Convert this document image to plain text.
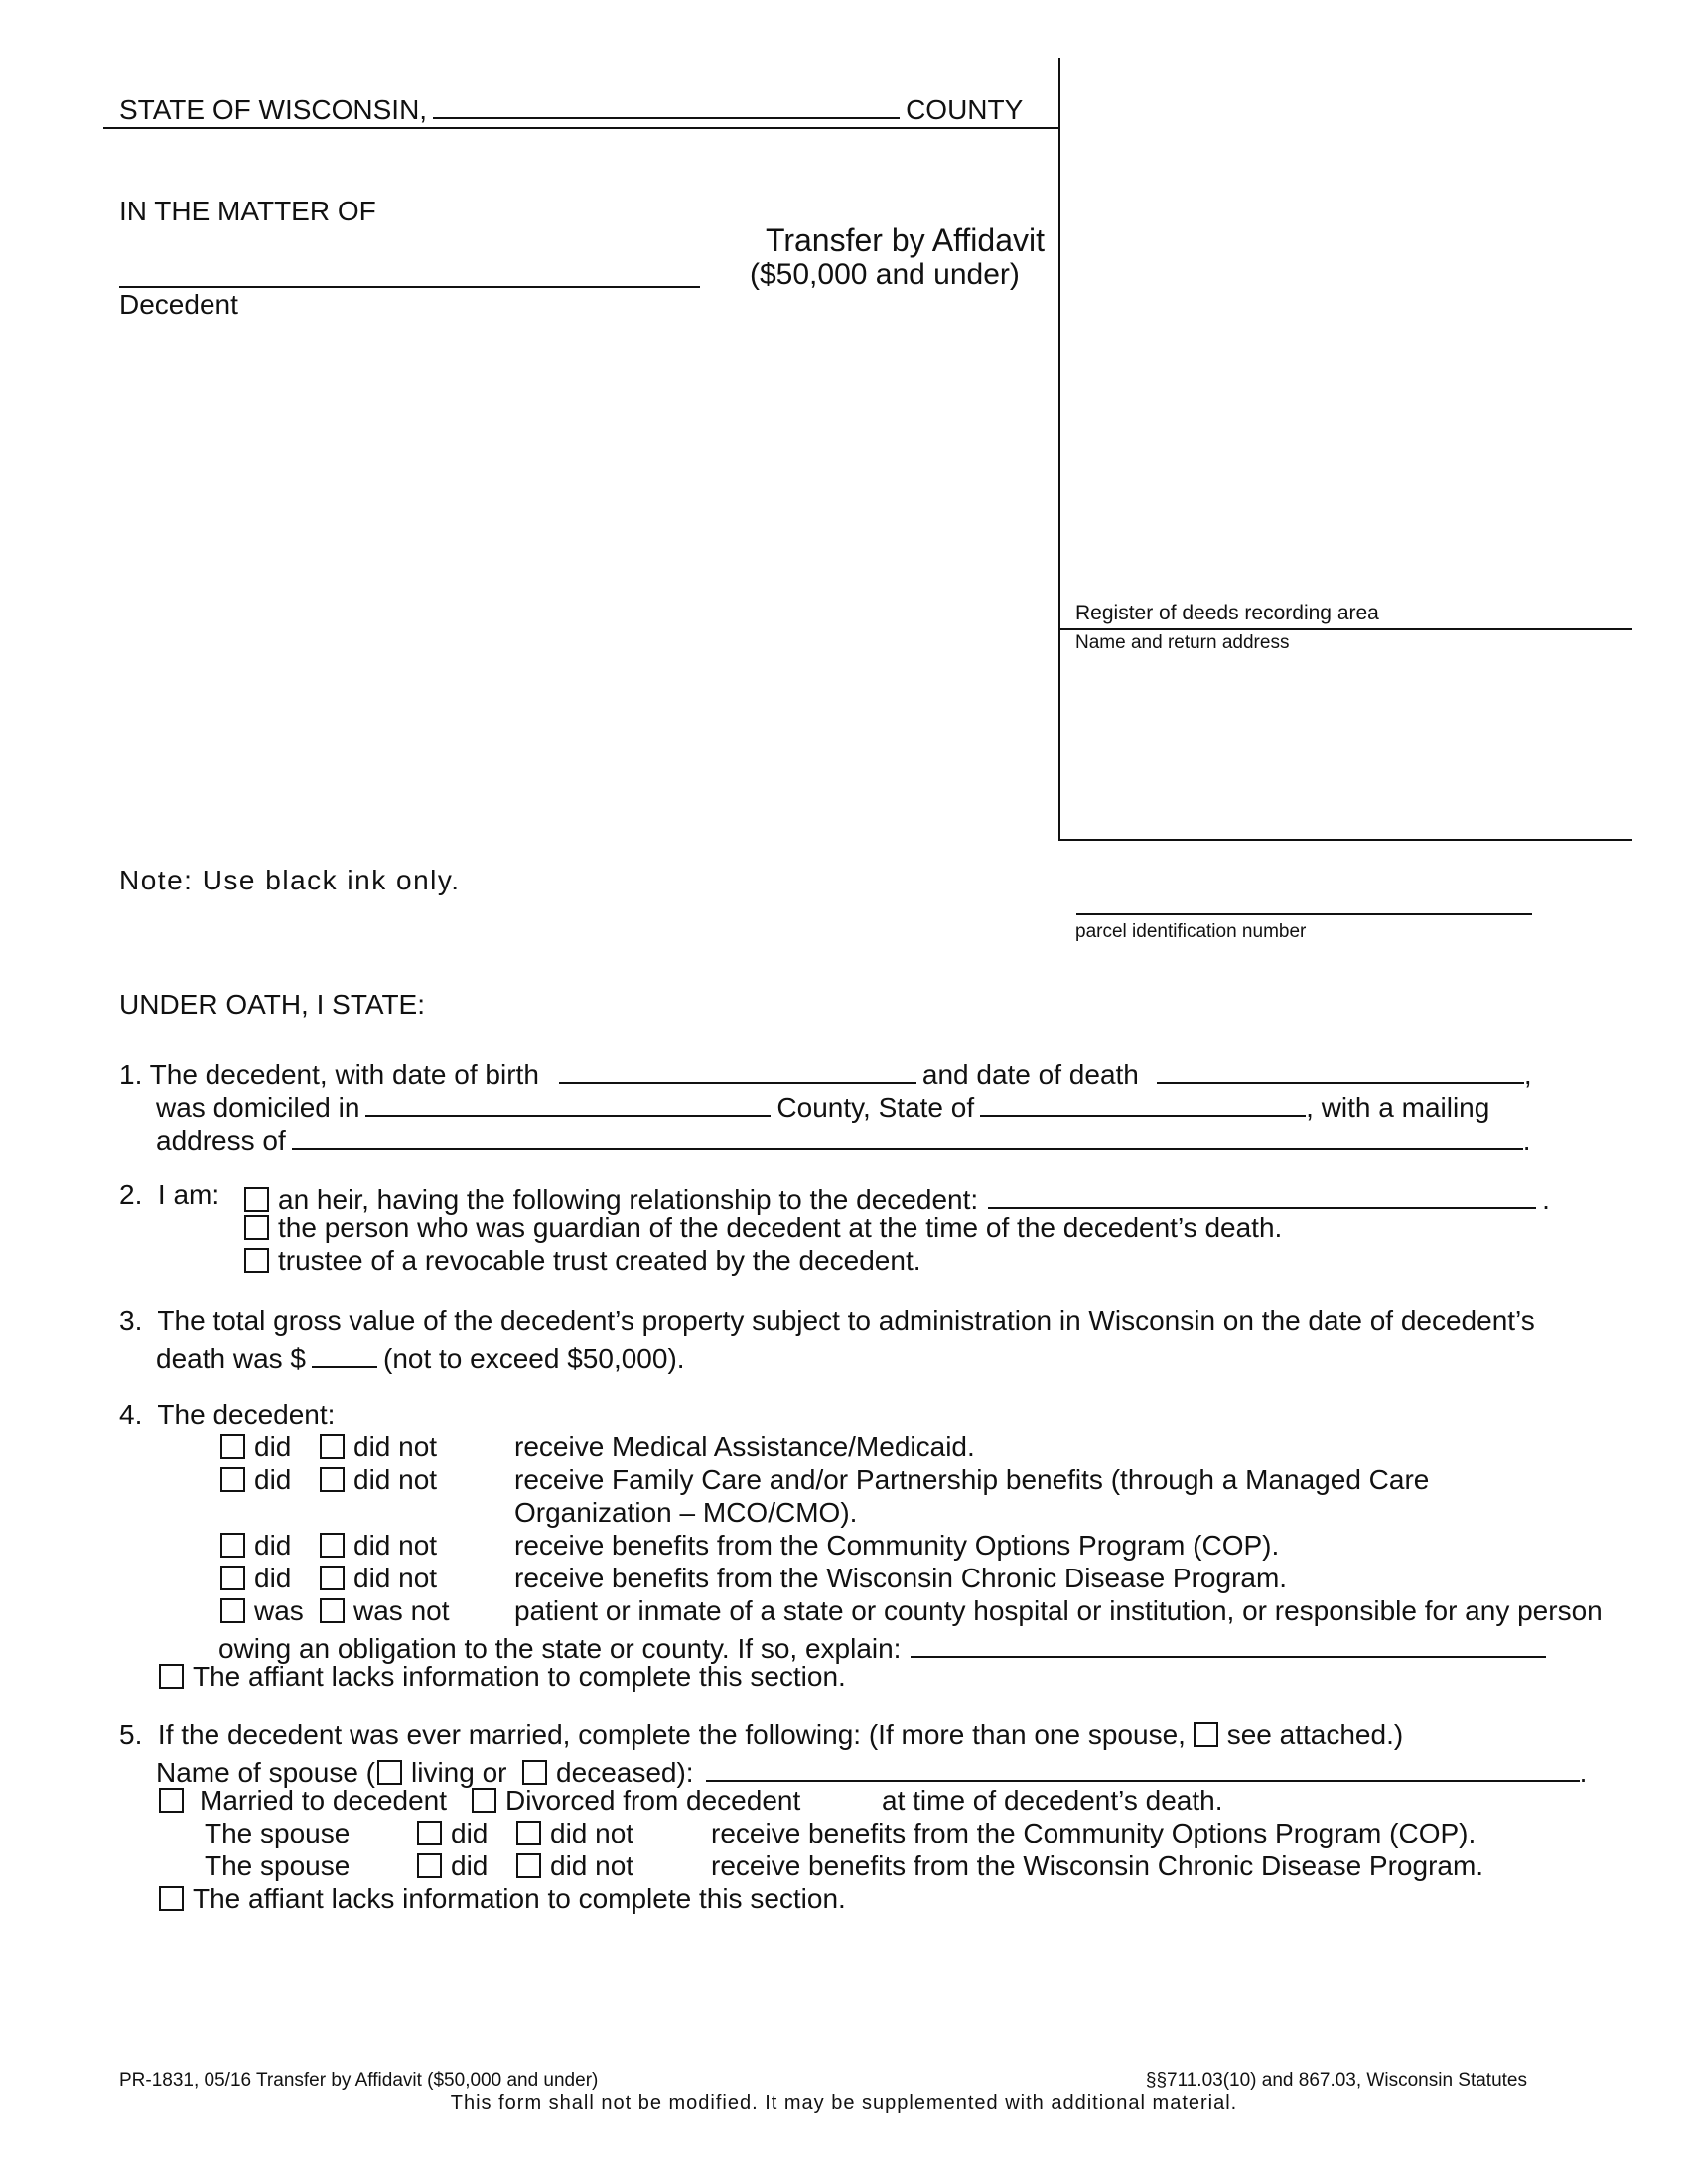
STATE OF WISCONSIN,	COUNTY
IN THE MATTER OF
Decedent
Transfer by Affidavit
($50,000 and under)
Register of deeds recording area
Name and return address
parcel identification number
Note: Use black ink only.
UNDER OATH, I STATE:
1. The decedent, with date of birth	and date of death	,
was domiciled in	County, State of	, with a mailing
address of	.
2. I am:	an heir, having the following relationship to the decedent:	.
the person who was guardian of the decedent at the time of the decedent’s death.
trustee of a revocable trust created by the decedent.
3. The total gross value of the decedent’s property subject to administration in Wisconsin on the date of decedent’s
death was $	(not to exceed $50,000).
4. The decedent:
did	did not	receive Medical Assistance/Medicaid.
did	did not	receive Family Care and/or Partnership benefits (through a Managed Care
Organization – MCO/CMO).
did	did not	receive benefits from the Community Options Program (COP).
did	did not	receive benefits from the Wisconsin Chronic Disease Program.
was	was not patient or inmate of a state or county hospital or institution, or responsible for any person
owing an obligation to the state or county. If so, explain:
The affiant lacks information to complete this section.
5. If the decedent was ever married, complete the following: (If more than one spouse, see attached.)
Name of spouse ( living or deceased):	.
Married to decedent	Divorced from decedent	at time of decedent’s death.
The spouse	did	did not	receive benefits from the Community Options Program (COP).
The spouse	did	did not	receive benefits from the Wisconsin Chronic Disease Program.
The affiant lacks information to complete this section.
PR-1831, 05/16 Transfer by Affidavit ($50,000 and under)	§§711.03(10) and 867.03, Wisconsin Statutes
This form shall not be modified. It may be supplemented with additional material.
